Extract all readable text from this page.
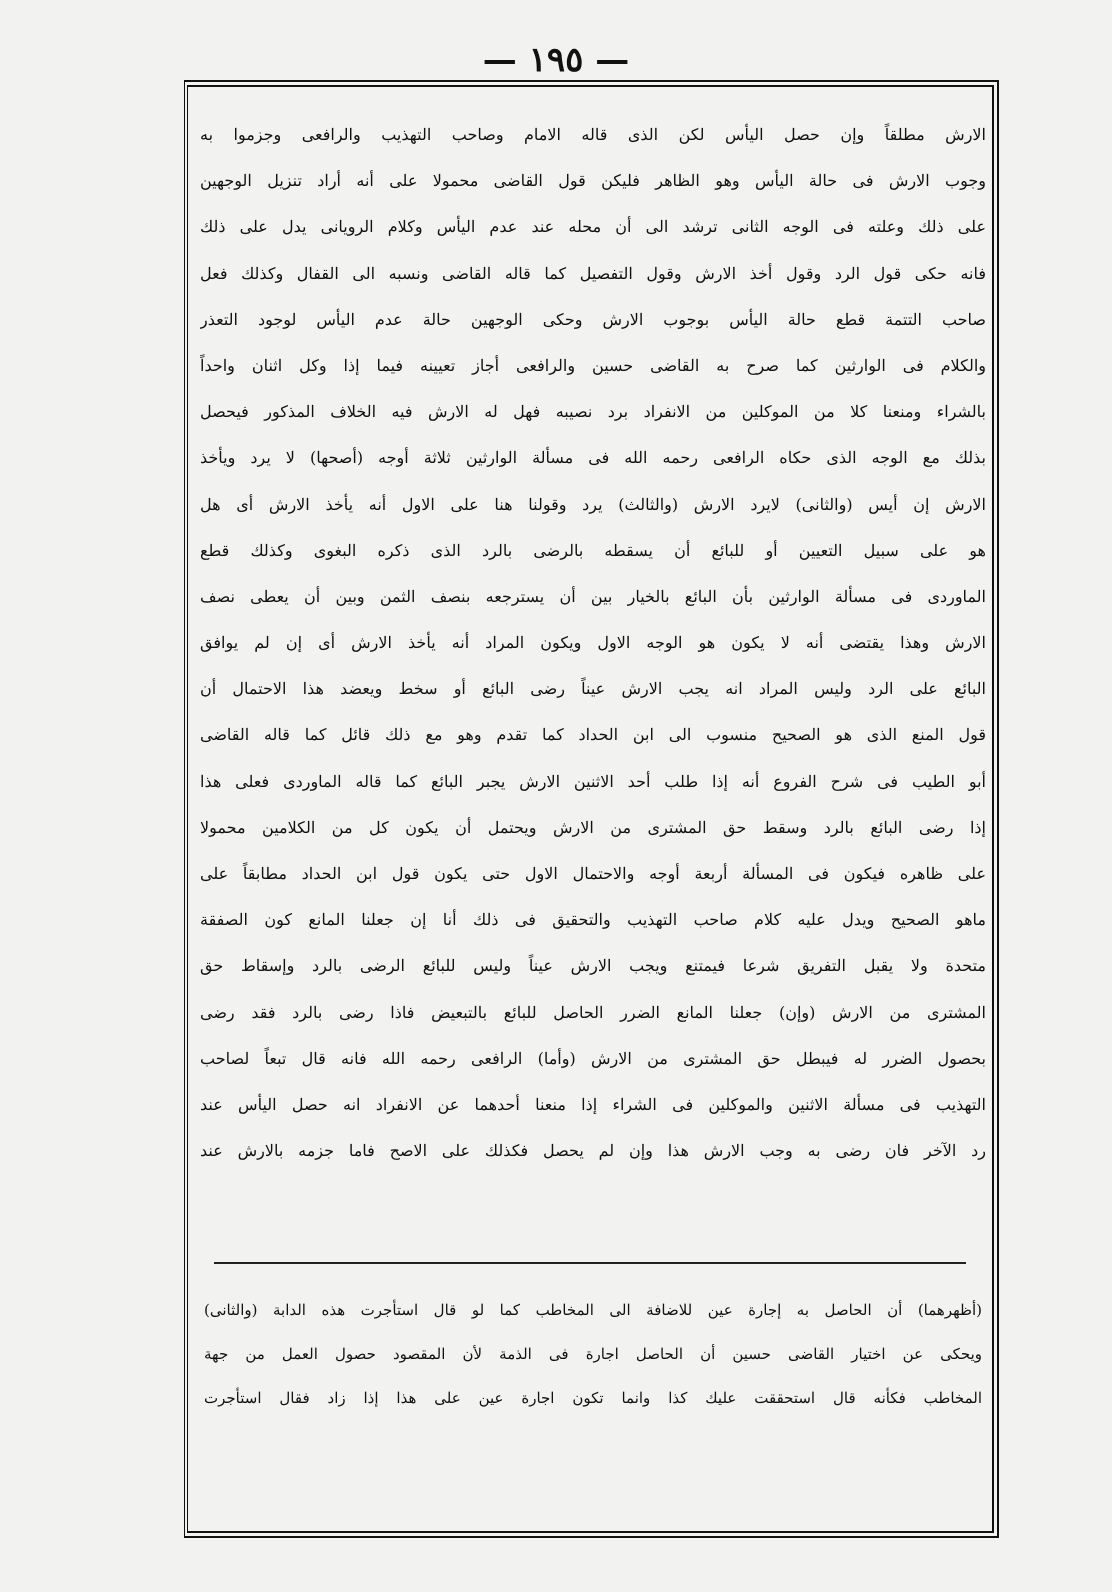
— ١٩٥ —
الارش مطلقاً وإن حصل اليأس لكن الذى قاله الامام وصاحب التهذيب والرافعى وجزموا به
وجوب الارش فى حالة اليأس وهو الظاهر فليكن قول القاضى محمولا على أنه أراد تنزيل الوجهين
على ذلك وعلته فى الوجه الثانى ترشد الى أن محله عند عدم اليأس وكلام الرويانى يدل على ذلك
فانه حكى قول الرد وقول أخذ الارش وقول التفصيل كما قاله القاضى ونسبه الى القفال وكذلك فعل
صاحب التتمة قطع حالة اليأس بوجوب الارش وحكى الوجهين حالة عدم اليأس لوجود التعذر
والكلام فى الوارثين كما صرح به القاضى حسين والرافعى أجاز تعيينه فيما إذا وكل اثنان واحداً
بالشراء ومنعنا كلا من الموكلين من الانفراد برد نصيبه فهل له الارش فيه الخلاف المذكور فيحصل
بذلك مع الوجه الذى حكاه الرافعى رحمه الله فى مسألة الوارثين ثلاثة أوجه (أصحها) لا يرد ويأخذ
الارش إن أيس (والثانى) لايرد الارش (والثالث) يرد وقولنا هنا على الاول أنه يأخذ الارش أى هل
هو على سبيل التعيين أو للبائع أن يسقطه بالرضى بالرد الذى ذكره البغوى وكذلك قطع
الماوردى فى مسألة الوارثين بأن البائع بالخيار بين أن يسترجعه بنصف الثمن وبين أن يعطى نصف
الارش وهذا يقتضى أنه لا يكون هو الوجه الاول ويكون المراد أنه يأخذ الارش أى إن لم يوافق
البائع على الرد وليس المراد انه يجب الارش عيناً رضى البائع أو سخط ويعضد هذا الاحتمال أن
قول المنع الذى هو الصحيح منسوب الى ابن الحداد كما تقدم وهو مع ذلك قائل كما قاله القاضى
أبو الطيب فى شرح الفروع أنه إذا طلب أحد الاثنين الارش يجبر البائع كما قاله الماوردى فعلى هذا
إذا رضى البائع بالرد وسقط حق المشترى من الارش ويحتمل أن يكون كل من الكلامين محمولا
على ظاهره فيكون فى المسألة أربعة أوجه والاحتمال الاول حتى يكون قول ابن الحداد مطابقاً على
ماهو الصحيح ويدل عليه كلام صاحب التهذيب والتحقيق فى ذلك أنا إن جعلنا المانع كون الصفقة
متحدة ولا يقبل التفريق شرعا فيمتنع ويجب الارش عيناً وليس للبائع الرضى بالرد وإسقاط حق
المشترى من الارش (وإن) جعلنا المانع الضرر الحاصل للبائع بالتبعيض فاذا رضى بالرد فقد رضى
بحصول الضرر له فيبطل حق المشترى من الارش (وأما) الرافعى رحمه الله فانه قال تبعاً لصاحب
التهذيب فى مسألة الاثنين والموكلين فى الشراء إذا منعنا أحدهما عن الانفراد انه حصل اليأس عند
رد الآخر فان رضى به وجب الارش هذا وإن لم يحصل فكذلك على الاصح فاما جزمه بالارش عند
(أظهرهما) أن الحاصل به إجارة عين للاضافة الى المخاطب كما لو قال استأجرت هذه الدابة (والثانى)
ويحكى عن اختيار القاضى حسين أن الحاصل اجارة فى الذمة لأن المقصود حصول العمل من جهة
المخاطب فكأنه قال استحققت عليك كذا وانما تكون اجارة عين على هذا إذا زاد فقال استأجرت
